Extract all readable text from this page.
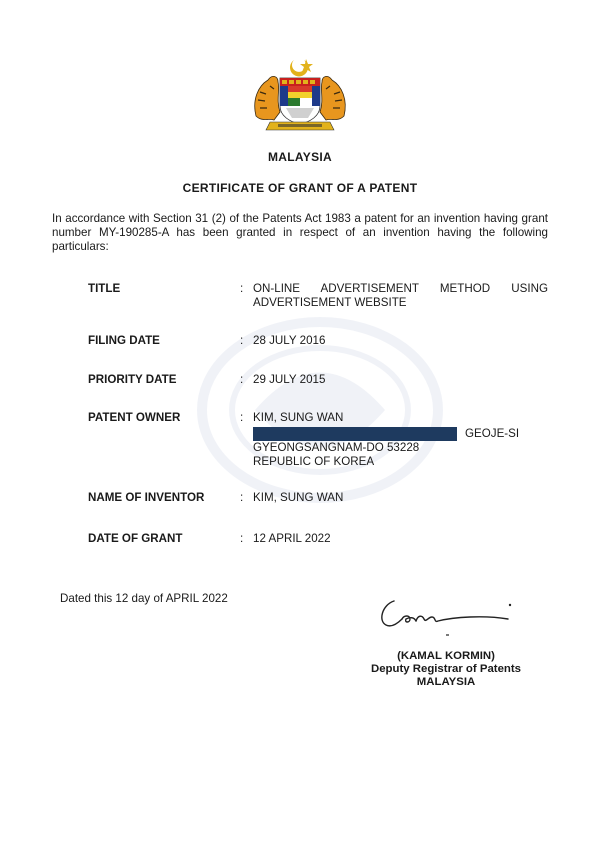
MALAYSIA
CERTIFICATE OF GRANT OF A PATENT
In accordance with Section 31 (2) of the Patents Act 1983 a patent for an invention having grant number MY-190285-A has been granted in respect of an invention having the following particulars:
TITLE	: ON-LINE ADVERTISEMENT METHOD USING
ADVERTISEMENT WEBSITE
FILING DATE	: 28 JULY 2016
PRIORITY DATE	: 29 JULY 2015
PATENT OWNER	: KIM, SUNG WAN
GEOJE-SI
GYEONGSANGNAM-DO 53228
REPUBLIC OF KOREA
NAME OF INVENTOR	: KIM, SUNG WAN
DATE OF GRANT	: 12 APRIL 2022
Dated this 12 day of APRIL 2022
(KAMAL KORMIN)
Deputy Registrar of Patents
MALAYSIA
